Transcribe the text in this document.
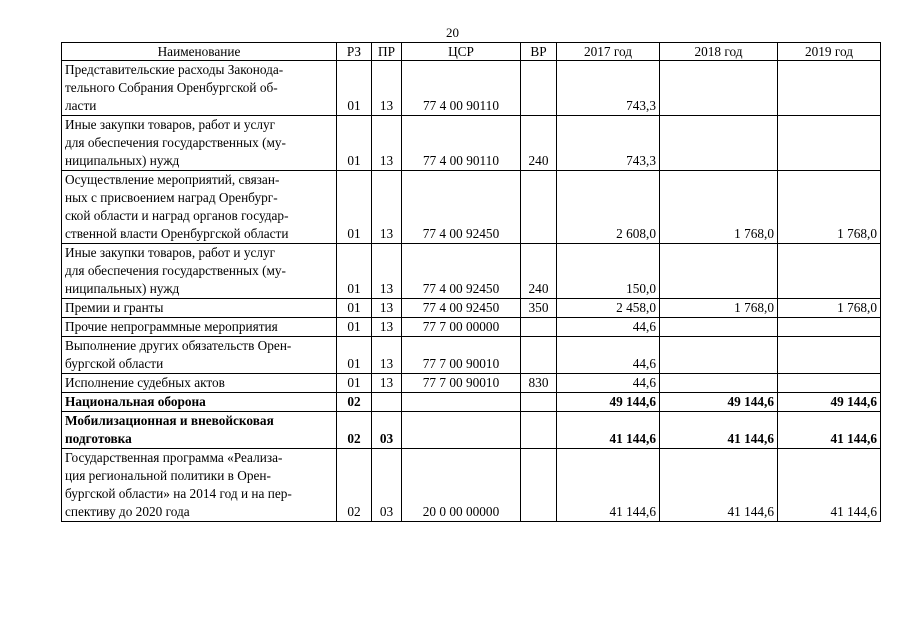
20
Наименование	РЗ	ПР	ЦСР	ВР	2017 год	2018 год	2019 год
Представительские расходы Законода-
тельного Собрания Оренбургской об-
ласти	01	13	77 4 00 90110		743,3		
Иные закупки товаров, работ и услуг
для обеспечения государственных (му-
ниципальных) нужд	01	13	77 4 00 90110	240	743,3		
Осуществление мероприятий, связан-
ных с присвоением наград Оренбург-
ской области и наград органов государ-
ственной власти Оренбургской области	01	13	77 4 00 92450		2 608,0	1 768,0	1 768,0
Иные закупки товаров, работ и услуг
для обеспечения государственных (му-
ниципальных) нужд	01	13	77 4 00 92450	240	150,0		
Премии и гранты	01	13	77 4 00 92450	350	2 458,0	1 768,0	1 768,0
Прочие непрограммные мероприятия	01	13	77 7 00 00000		44,6		
Выполнение других обязательств Орен-
бургской области	01	13	77 7 00 90010		44,6		
Исполнение судебных актов	01	13	77 7 00 90010	830	44,6		
Национальная оборона	02				49 144,6	49 144,6	49 144,6
Мобилизационная и вневойсковая
подготовка	02	03			41 144,6	41 144,6	41 144,6
Государственная программа «Реализа-
ция региональной политики в Орен-
бургской области» на 2014 год и на пер-
спективу до 2020 года	02	03	20 0 00 00000		41 144,6	41 144,6	41 144,6
